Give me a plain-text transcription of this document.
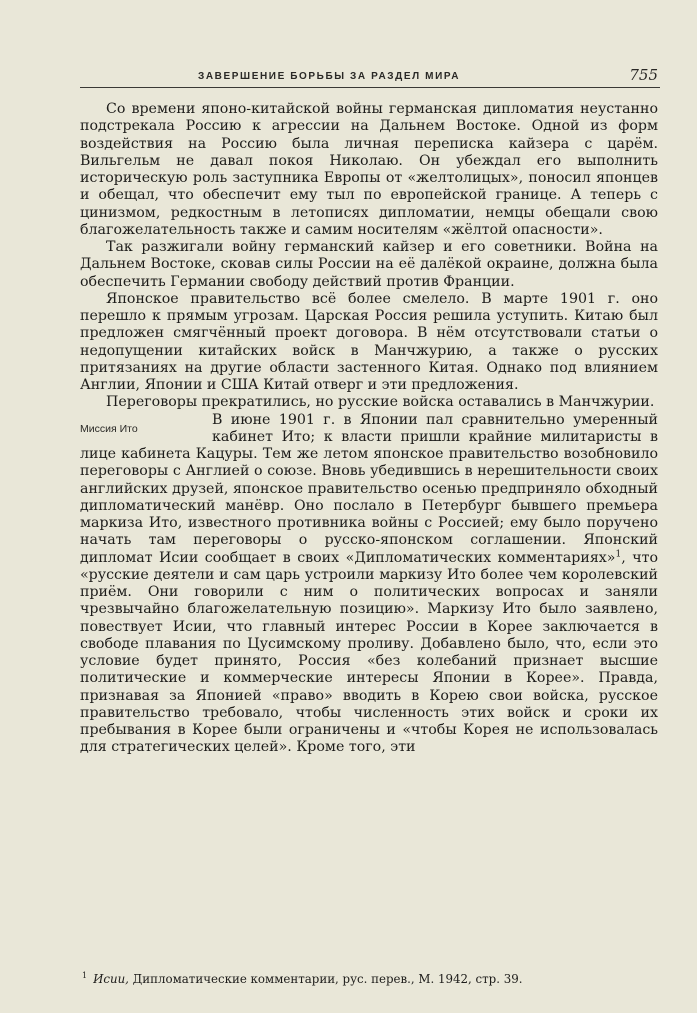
ЗАВЕРШЕНИЕ БОРЬБЫ ЗА РАЗДЕЛ МИРА	755

Со времени японо-китайской войны германская дипломатия неустанно подстрекала Россию к агрессии на Дальнем Востоке. Одной из форм воздействия на Россию была личная переписка кайзера с царём. Вильгельм не давал покоя Николаю. Он убеждал его выполнить историческую роль заступника Европы от «желтолицых», поносил японцев и обещал, что обеспечит ему тыл по европейской границе. А теперь с цинизмом, редкостным в летописях дипломатии, немцы обещали свою благожелательность также и самим носителям «жёлтой опасности».

Так разжигали войну германский кайзер и его советники. Война на Дальнем Востоке, сковав силы России на её далёкой окраине, должна была обеспечить Германии свободу действий против Франции.

Японское правительство всё более смелело. В марте 1901 г. оно перешло к прямым угрозам. Царская Россия решила уступить. Китаю был предложен смягчённый проект договора. В нём отсутствовали статьи о недопущении китайских войск в Манчжурию, а также о русских притязаниях на другие области застенного Китая. Однако под влиянием Англии, Японии и США Китай отверг и эти предложения.

Переговоры прекратились, но русские войска оставались в Манчжурии.

Миссия Ито

В июне 1901 г. в Японии пал сравнительно умеренный кабинет Ито; к власти пришли крайние милитаристы в лице кабинета Кацуры. Тем же летом японское правительство возобновило переговоры с Англией о союзе. Вновь убедившись в нерешительности своих английских друзей, японское правительство осенью предприняло обходный дипломатический манёвр. Оно послало в Петербург бывшего премьера маркиза Ито, известного противника войны с Россией; ему было поручено начать там переговоры о русско-японском соглашении. Японский дипломат Исии сообщает в своих «Дипломатических комментариях»$^1$, что «русские деятели и сам царь устроили маркизу Ито более чем королевский приём. Они говорили с ним о политических вопросах и заняли чрезвычайно благожелательную позицию». Маркизу Ито было заявлено, повествует Исии, что главный интерес России в Корее заключается в свободе плавания по Цусимскому проливу. Добавлено было, что, если это условие будет принято, Россия «без колебаний признает высшие политические и коммерческие интересы Японии в Корее». Правда, признавая за Японией «право» вводить в Корею свои войска, русское правительство требовало, чтобы численность этих войск и сроки их пребывания в Корее были ограничены и «чтобы Корея не использовалась для стратегических целей». Кроме того, эти

$^1$ Исии, Дипломатические комментарии, рус. перев., М. 1942, стр. 39.
